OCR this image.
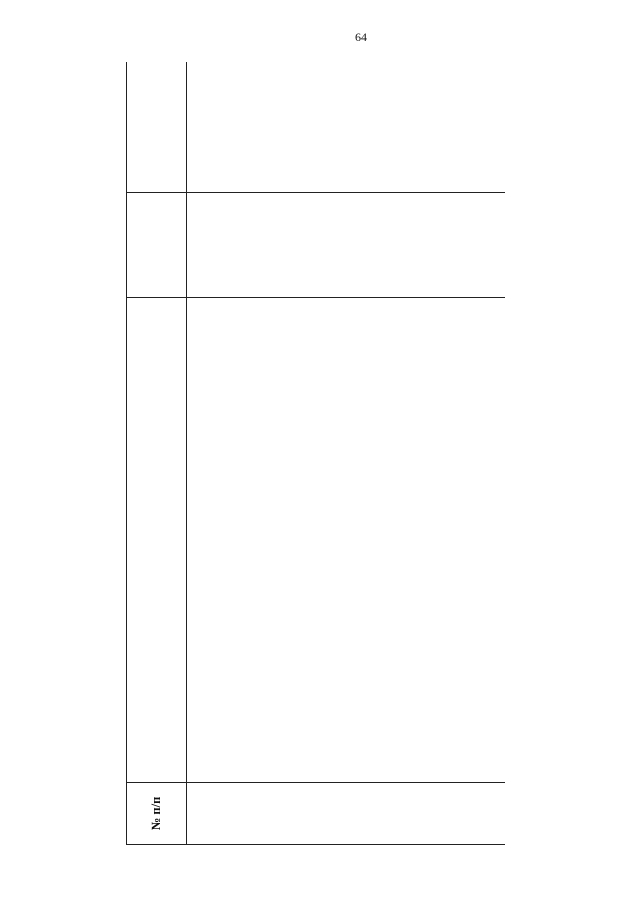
64
№ п/п			
